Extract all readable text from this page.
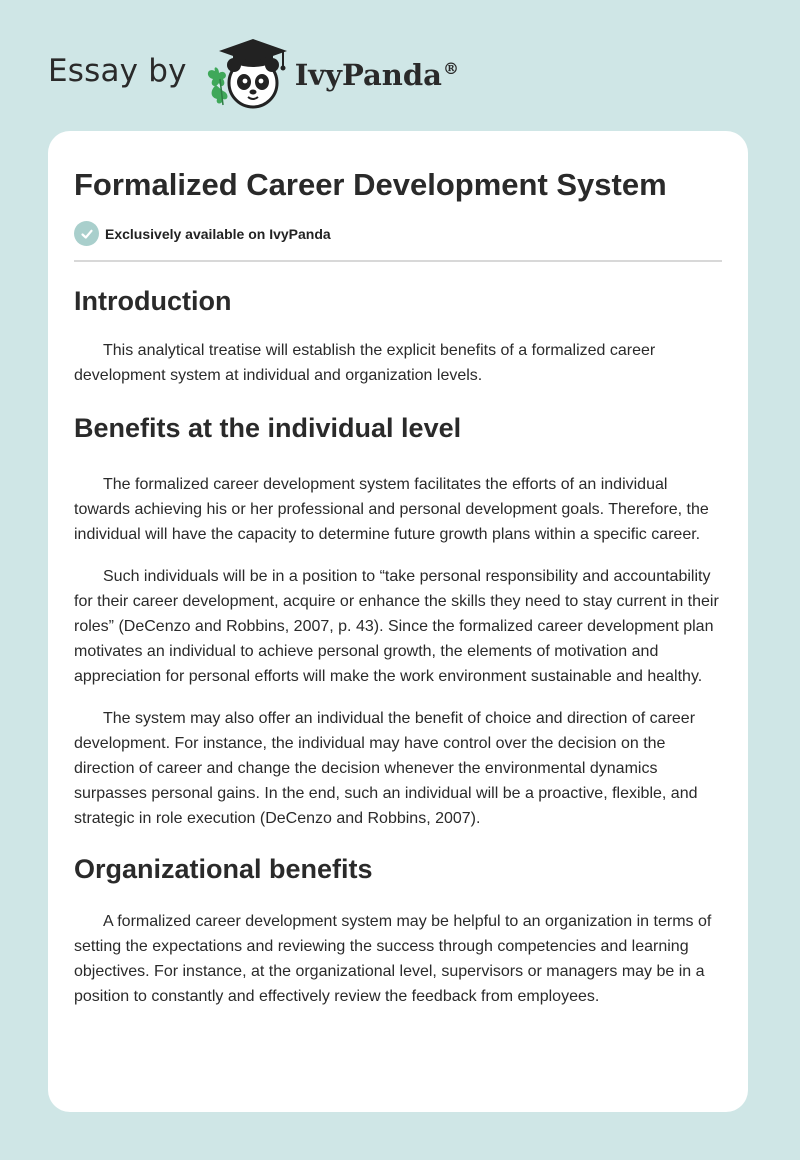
Essay by	IvyPanda®
Formalized Career Development System
Exclusively available on IvyPanda
Introduction

This analytical treatise will establish the explicit benefits of a formalized career development system at individual and organization levels.

Benefits at the individual level

The formalized career development system facilitates the efforts of an individual towards achieving his or her professional and personal development goals. Therefore, the individual will have the capacity to determine future growth plans within a specific career.

Such individuals will be in a position to “take personal responsibility and accountability for their career development, acquire or enhance the skills they need to stay current in their roles” (DeCenzo and Robbins, 2007, p. 43). Since the formalized career development plan motivates an individual to achieve personal growth, the elements of motivation and appreciation for personal efforts will make the work environment sustainable and healthy.

The system may also offer an individual the benefit of choice and direction of career development. For instance, the individual may have control over the decision on the direction of career and change the decision whenever the environmental dynamics surpasses personal gains. In the end, such an individual will be a proactive, flexible, and strategic in role execution (DeCenzo and Robbins, 2007).

Organizational benefits

A formalized career development system may be helpful to an organization in terms of setting the expectations and reviewing the success through competencies and learning objectives. For instance, at the organizational level, supervisors or managers may be in a position to constantly and effectively review the feedback from employees.
